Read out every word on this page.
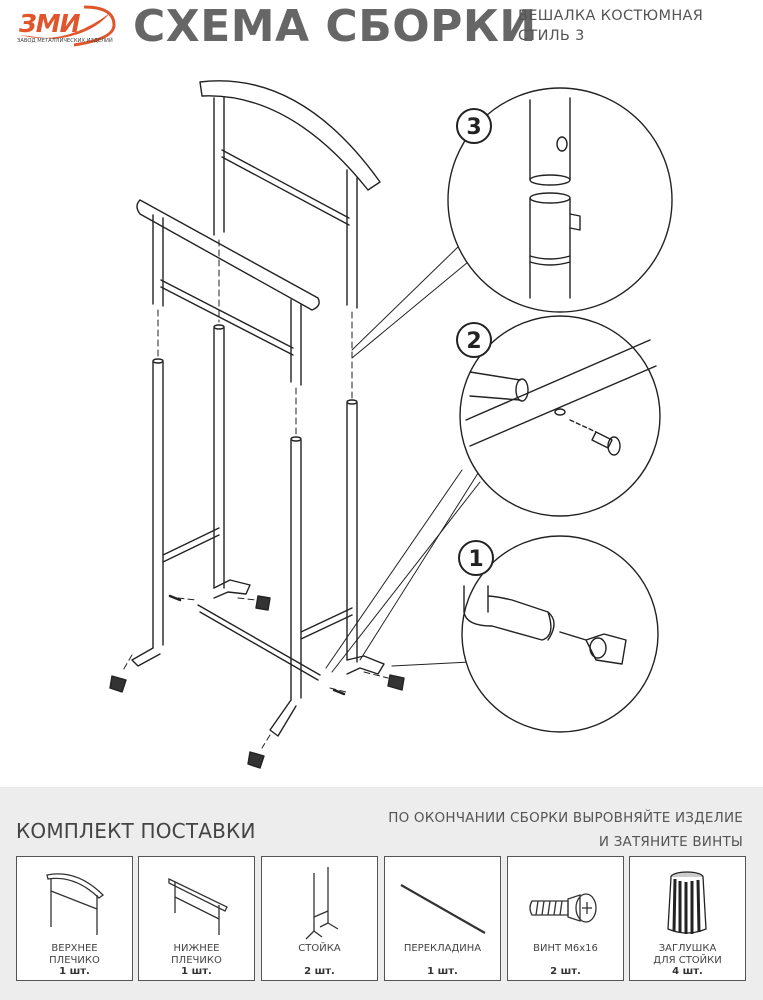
ЗМИ
ЗАВОД МЕТАЛЛИЧЕСКИХ ИЗДЕЛИЙ СХЕМА СБОРКИ
ВЕШАЛКА КОСТЮМНАЯ
СТИЛЬ 3
3
2
1
ПО ОКОНЧАНИИ СБОРКИ ВЫРОВНЯЙТЕ ИЗДЕЛИЕ
И ЗАТЯНИТЕ ВИНТЫ
КОМПЛЕКТ ПОСТАВКИ
ВЕРХНЕЕ
ПЛЕЧИКО
1 шт.
НИЖНЕЕ
ПЛЕЧИКО
1 шт.
СТОЙКА
2 шт.
ПЕРЕКЛАДИНА
1 шт.
ВИНТ М6х16
2 шт.
ЗАГЛУШКА
ДЛЯ СТОЙКИ
4 шт.
